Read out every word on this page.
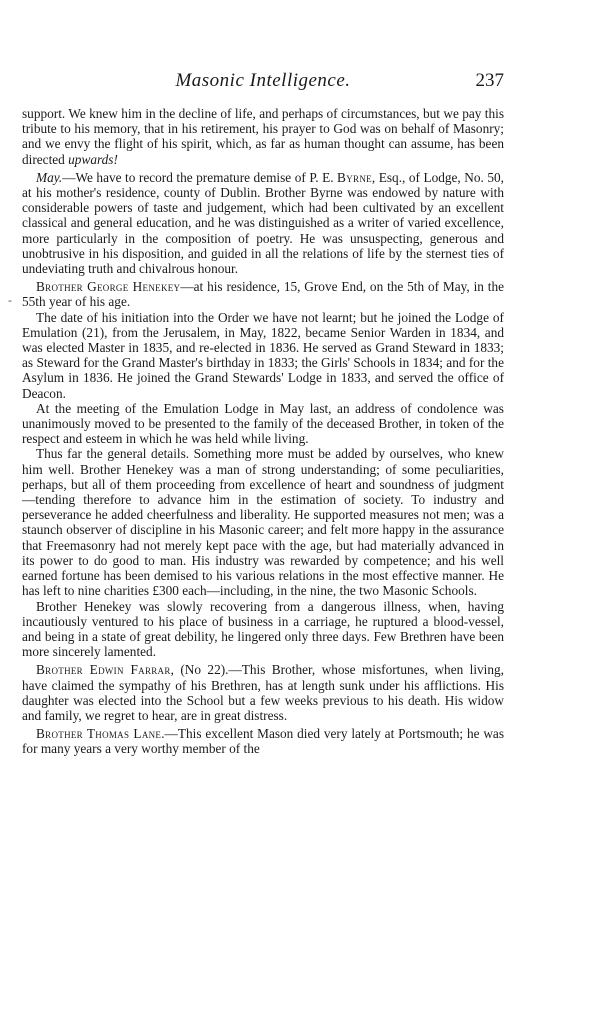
Masonic Intelligence.	237

support. We knew him in the decline of life, and perhaps of circumstances, but we pay this tribute to his memory, that in his retirement, his prayer to God was on behalf of Masonry; and we envy the flight of his spirit, which, as far as human thought can assume, has been directed upwards!

May.—We have to record the premature demise of P. E. Byrne, Esq., of Lodge, No. 50, at his mother's residence, county of Dublin. Brother Byrne was endowed by nature with considerable powers of taste and judgement, which had been cultivated by an excellent classical and general education, and he was distinguished as a writer of varied excellence, more particularly in the composition of poetry. He was unsuspecting, generous and unobtrusive in his disposition, and guided in all the relations of life by the sternest ties of undeviating truth and chivalrous honour.

Brother George Henekey—at his residence, 15, Grove End, on the 5th of May, in the 55th year of his age.

The date of his initiation into the Order we have not learnt; but he joined the Lodge of Emulation (21), from the Jerusalem, in May, 1822, became Senior Warden in 1834, and was elected Master in 1835, and re-elected in 1836. He served as Grand Steward in 1833; as Steward for the Grand Master's birthday in 1833; the Girls' Schools in 1834; and for the Asylum in 1836. He joined the Grand Stewards' Lodge in 1833, and served the office of Deacon.

At the meeting of the Emulation Lodge in May last, an address of condolence was unanimously moved to be presented to the family of the deceased Brother, in token of the respect and esteem in which he was held while living.

Thus far the general details. Something more must be added by ourselves, who knew him well. Brother Henekey was a man of strong understanding; of some peculiarities, perhaps, but all of them proceeding from excellence of heart and soundness of judgment—tending therefore to advance him in the estimation of society. To industry and perseverance he added cheerfulness and liberality. He supported measures not men; was a staunch observer of discipline in his Masonic career; and felt more happy in the assurance that Freemasonry had not merely kept pace with the age, but had materially advanced in its power to do good to man. His industry was rewarded by competence; and his well earned fortune has been demised to his various relations in the most effective manner. He has left to nine charities £300 each—including, in the nine, the two Masonic Schools.

Brother Henekey was slowly recovering from a dangerous illness, when, having incautiously ventured to his place of business in a carriage, he ruptured a blood-vessel, and being in a state of great debility, he lingered only three days. Few Brethren have been more sincerely lamented.

Brother Edwin Farrar, (No 22).—This Brother, whose misfortunes, when living, have claimed the sympathy of his Brethren, has at length sunk under his afflictions. His daughter was elected into the School but a few weeks previous to his death. His widow and family, we regret to hear, are in great distress.

Brother Thomas Lane.—This excellent Mason died very lately at Portsmouth; he was for many years a very worthy member of the

-
